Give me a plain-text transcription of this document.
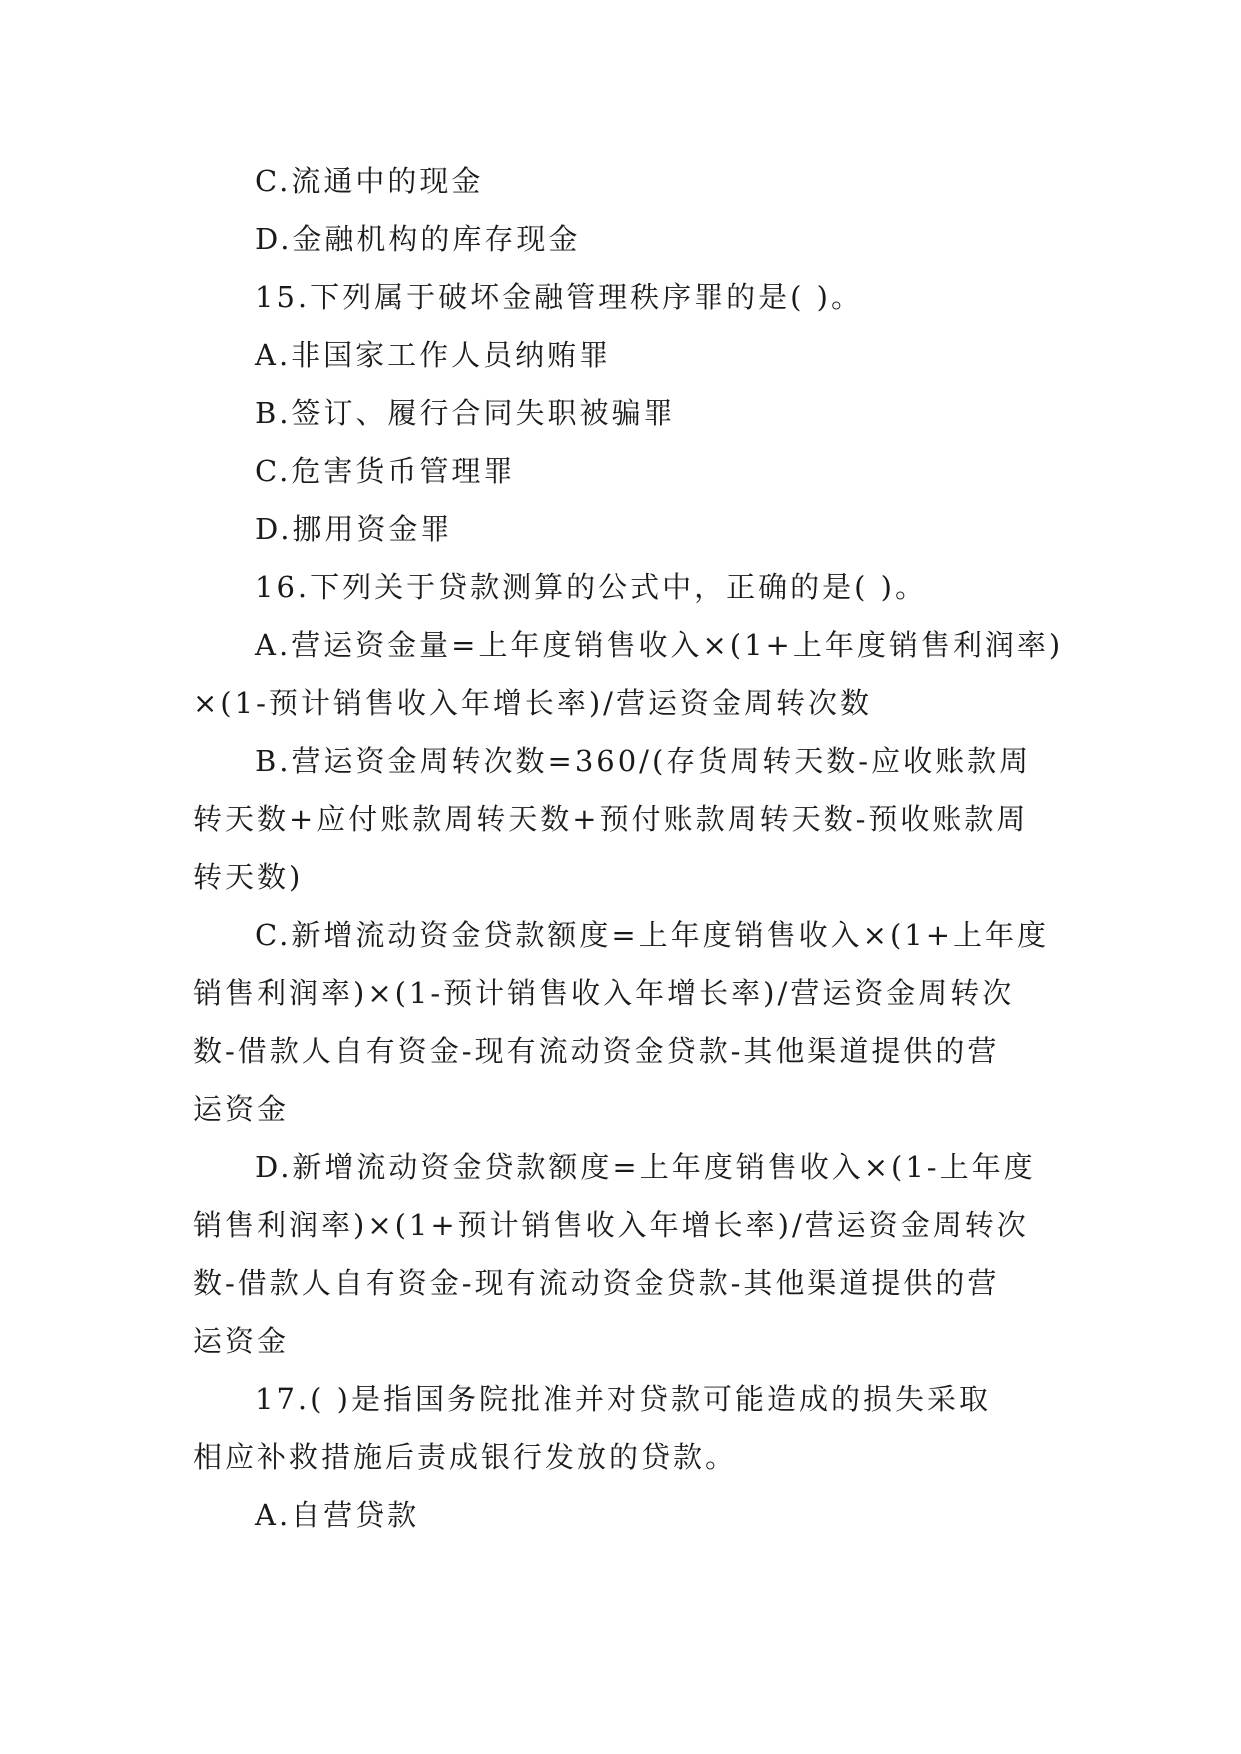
C.流通中的现金

D.金融机构的库存现金

15.下列属于破坏金融管理秩序罪的是( )。

A.非国家工作人员纳贿罪

B.签订、履行合同失职被骗罪

C.危害货币管理罪

D.挪用资金罪

16.下列关于贷款测算的公式中，正确的是( )。

A.营运资金量=上年度销售收入×(1+上年度销售利润率)

×(1-预计销售收入年增长率)/营运资金周转次数

B.营运资金周转次数=360/(存货周转天数-应收账款周

转天数+应付账款周转天数+预付账款周转天数-预收账款周

转天数)

C.新增流动资金贷款额度=上年度销售收入×(1+上年度

销售利润率)×(1-预计销售收入年增长率)/营运资金周转次

数-借款人自有资金-现有流动资金贷款-其他渠道提供的营

运资金

D.新增流动资金贷款额度=上年度销售收入×(1-上年度

销售利润率)×(1+预计销售收入年增长率)/营运资金周转次

数-借款人自有资金-现有流动资金贷款-其他渠道提供的营

运资金

17.( )是指国务院批准并对贷款可能造成的损失采取

相应补救措施后责成银行发放的贷款。

A.自营贷款
